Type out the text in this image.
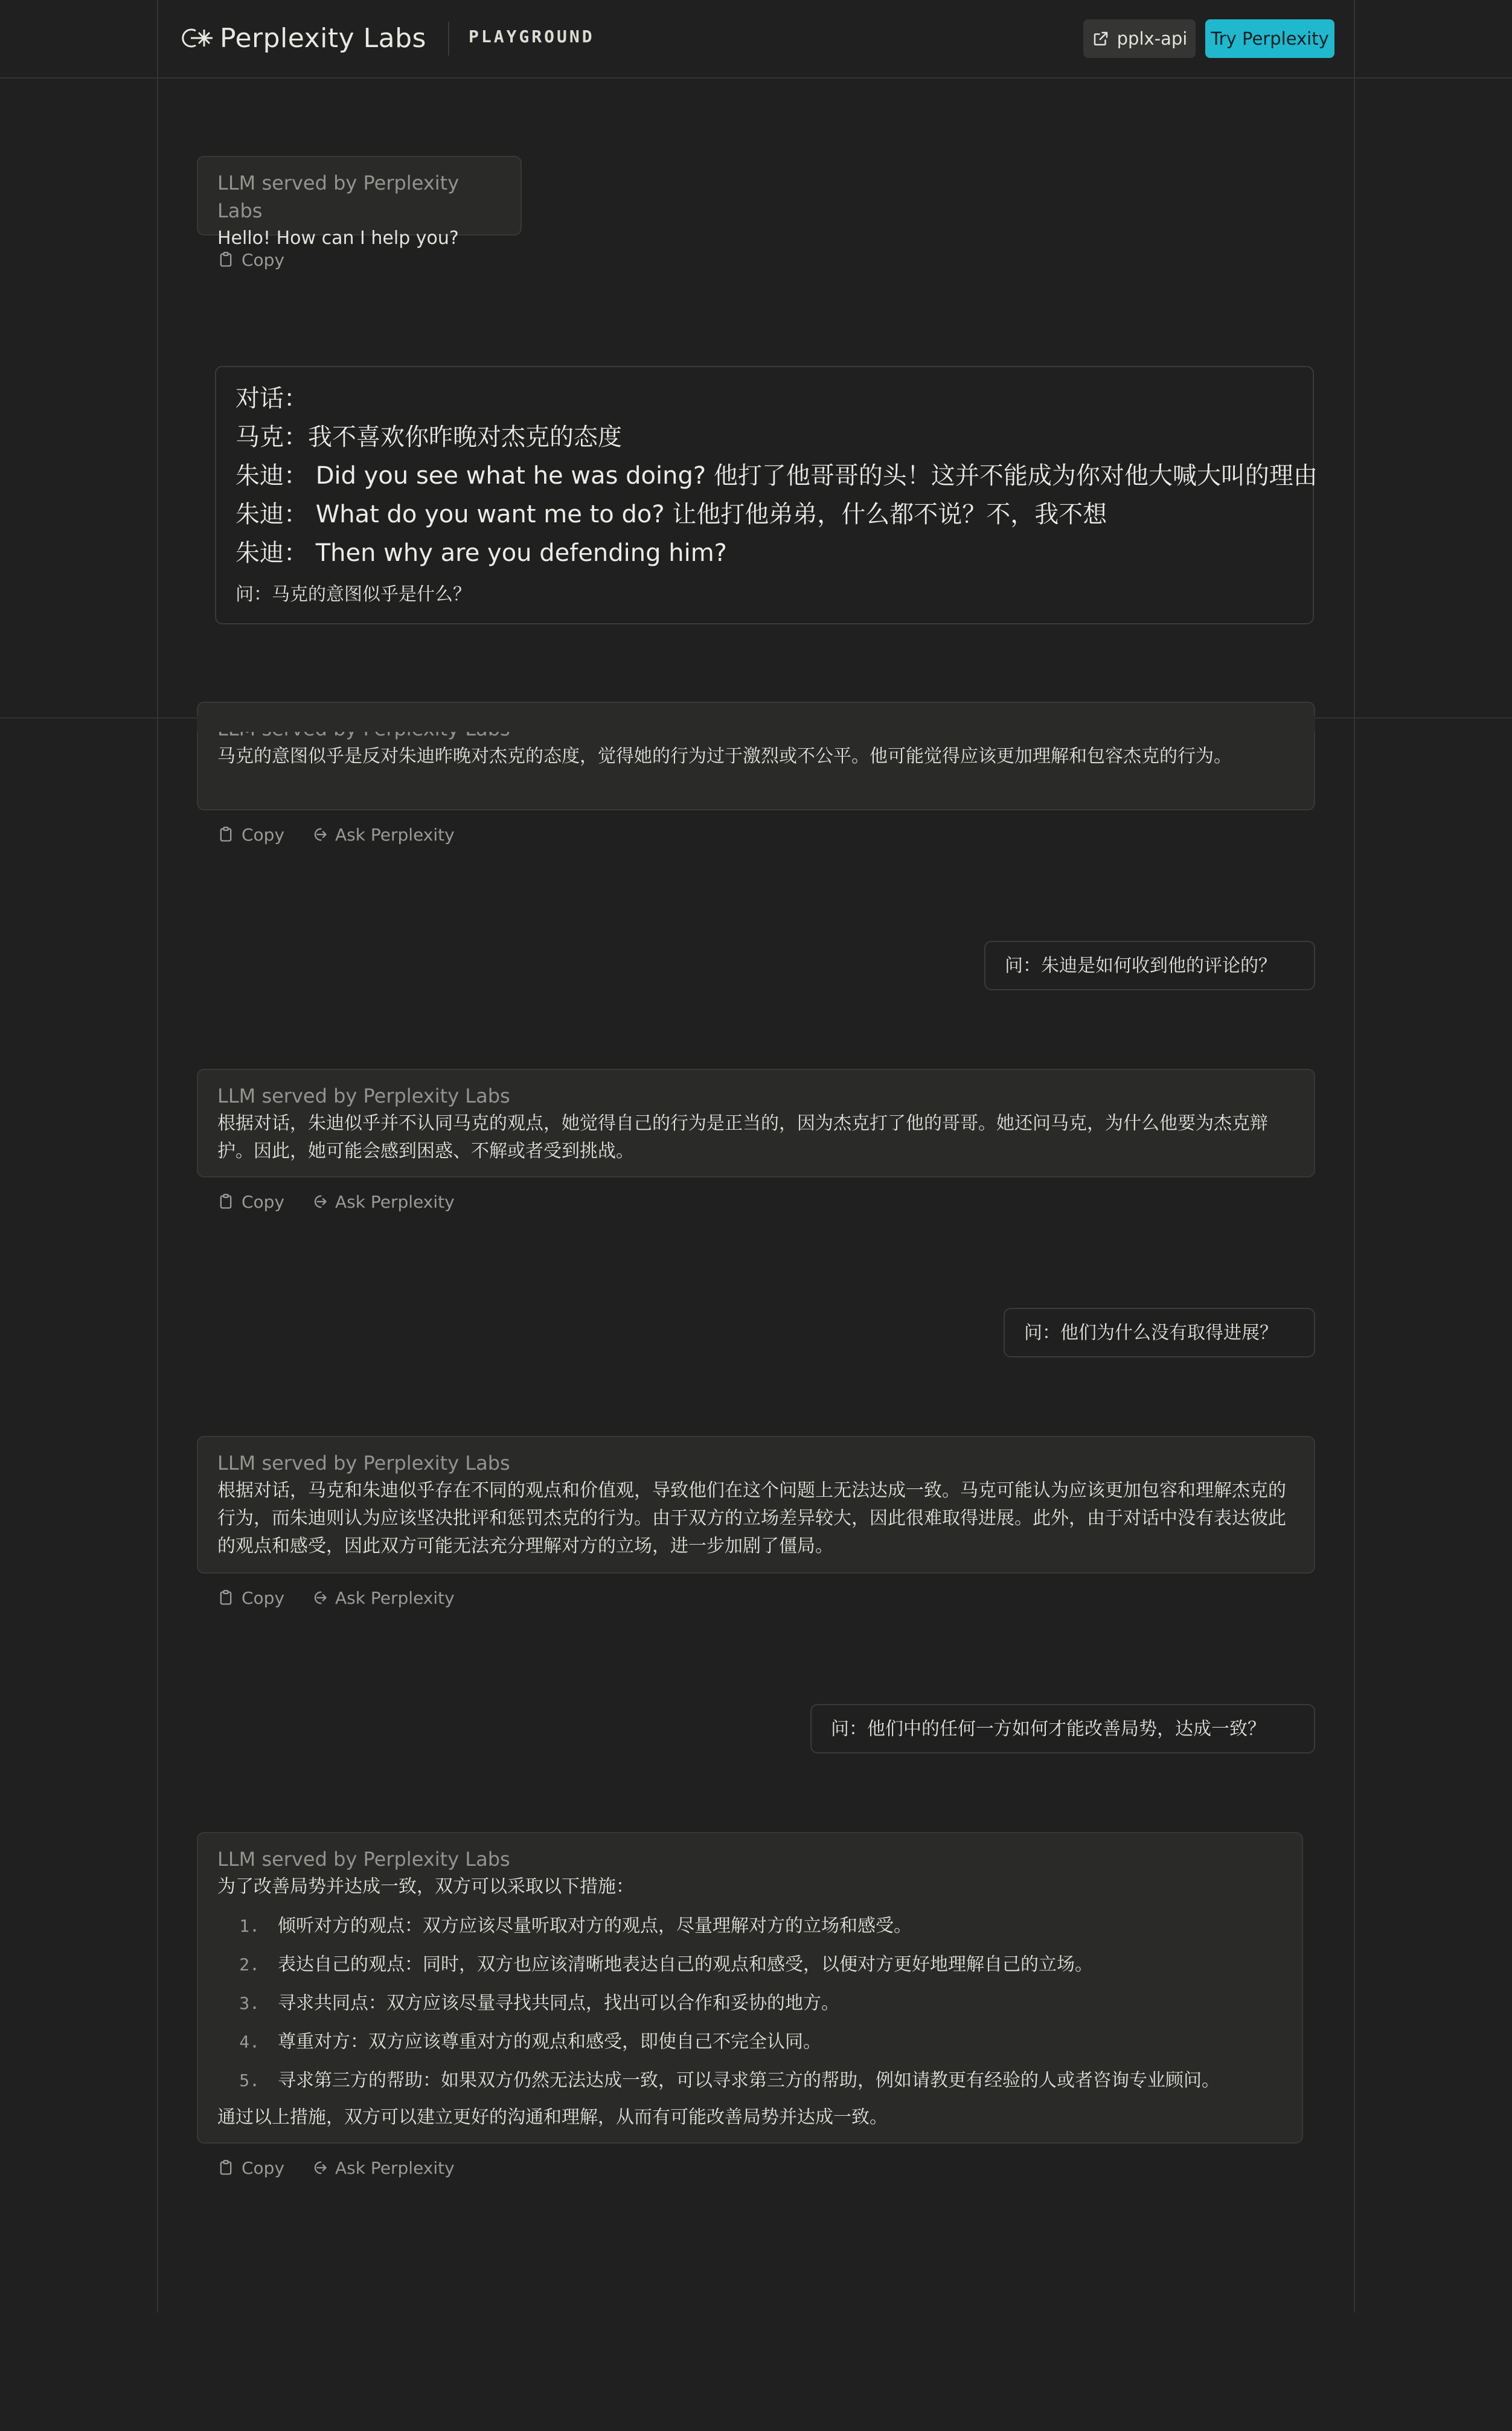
Perplexity Labs	PLAYGROUND	pplx-api	Try Perplexity
LLM served by Perplexity Labs
Hello! How can I help you?
Copy
对话：
马克：我不喜欢你昨晚对杰克的态度
朱迪： Did you see what he was doing? 他打了他哥哥的头！这并不能成为你对他大喊大叫的理由
朱迪： What do you want me to do? 让他打他弟弟，什么都不说？不，我不想
朱迪： Then why are you defending him?
问：马克的意图似乎是什么？
马克的意图似乎是反对朱迪昨晚对杰克的态度，觉得她的行为过于激烈或不公平。他可能觉得应该更加理解和包容杰克的行为。
Copy	Ask Perplexity
问：朱迪是如何收到他的评论的？
LLM served by Perplexity Labs
根据对话，朱迪似乎并不认同马克的观点，她觉得自己的行为是正当的，因为杰克打了他的哥哥。她还问马克，为什么他要为杰克辩护。因此，她可能会感到困惑、不解或者受到挑战。
Copy	Ask Perplexity
问：他们为什么没有取得进展？
LLM served by Perplexity Labs
根据对话，马克和朱迪似乎存在不同的观点和价值观，导致他们在这个问题上无法达成一致。马克可能认为应该更加包容和理解杰克的行为，而朱迪则认为应该坚决批评和惩罚杰克的行为。由于双方的立场差异较大，因此很难取得进展。此外，由于对话中没有表达彼此的观点和感受，因此双方可能无法充分理解对方的立场，进一步加剧了僵局。
Copy	Ask Perplexity
问：他们中的任何一方如何才能改善局势，达成一致？
LLM served by Perplexity Labs
为了改善局势并达成一致，双方可以采取以下措施：
1.	倾听对方的观点：双方应该尽量听取对方的观点，尽量理解对方的立场和感受。
2.	表达自己的观点：同时，双方也应该清晰地表达自己的观点和感受，以便对方更好地理解自己的立场。
3.	寻求共同点：双方应该尽量寻找共同点，找出可以合作和妥协的地方。
4.	尊重对方：双方应该尊重对方的观点和感受，即使自己不完全认同。
5.	寻求第三方的帮助：如果双方仍然无法达成一致，可以寻求第三方的帮助，例如请教更有经验的人或者咨询专业顾问。
通过以上措施，双方可以建立更好的沟通和理解，从而有可能改善局势并达成一致。
Copy	Ask Perplexity
